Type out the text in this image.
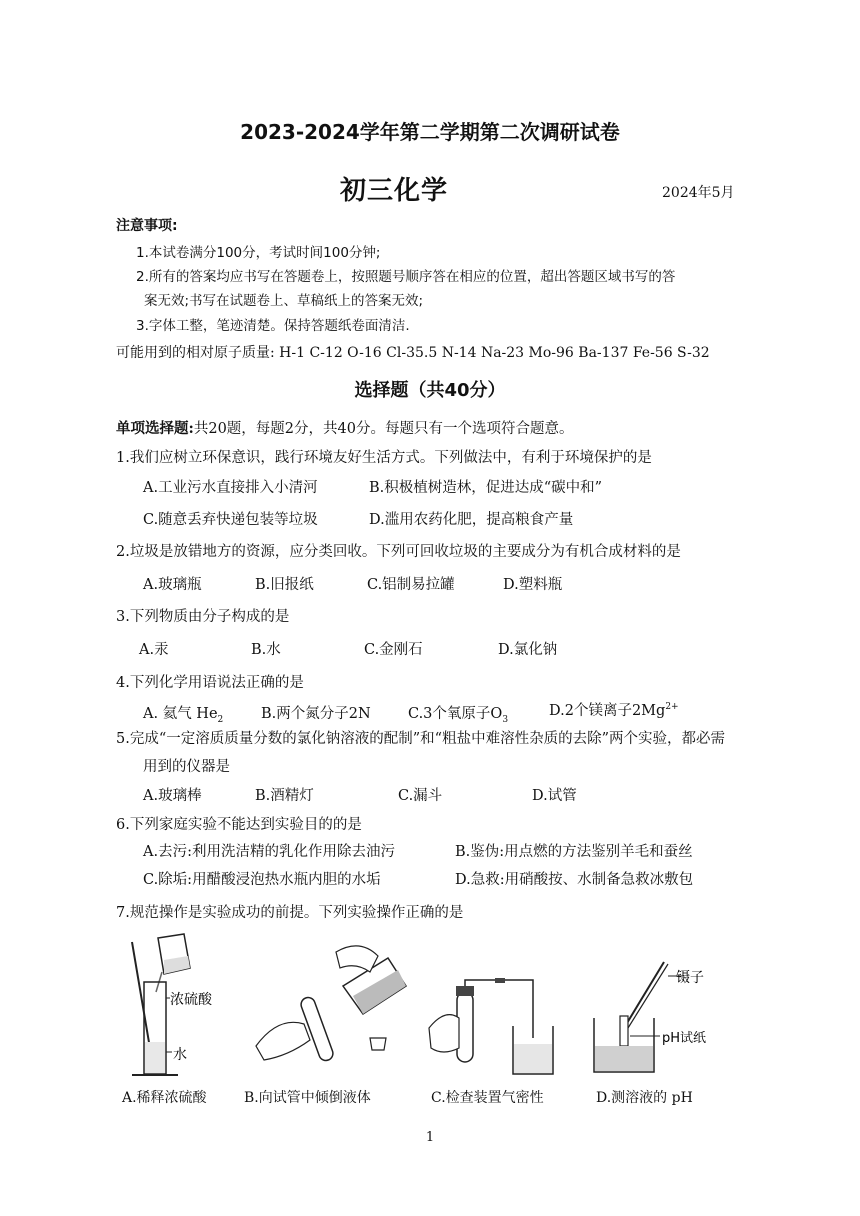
2023-2024学年第二学期第二次调研试卷
初三化学	2024年5月
注意事项:
1.本试卷满分100分，考试时间100分钟;
2.所有的答案均应书写在答题卷上，按照题号顺序答在相应的位置，超出答题区域书写的答
案无效;书写在试题卷上、草稿纸上的答案无效;
3.字体工整，笔迹清楚。保持答题纸卷面清洁.
可能用到的相对原子质量: H-1 C-12 O-16 Cl-35.5 N-14 Na-23 Mo-96 Ba-137 Fe-56 S-32
选择题（共40分）
单项选择题:共20题，每题2分，共40分。每题只有一个选项符合题意。
1.我们应树立环保意识，践行环境友好生活方式。下列做法中，有利于环境保护的是
A.工业污水直接排入小清河	B.积极植树造林，促进达成“碳中和”
C.随意丢弃快递包装等垃圾	D.滥用农药化肥，提高粮食产量
2.垃圾是放错地方的资源，应分类回收。下列可回收垃圾的主要成分为有机合成材料的是
A.玻璃瓶	B.旧报纸	C.铝制易拉罐	D.塑料瓶
3.下列物质由分子构成的是
A.汞	B.水	C.金刚石	D.氯化钠
4.下列化学用语说法正确的是
A. 氦气 $He_2$	B.两个氮分子2N	C.3个氧原子$O_3$
D.2个镁离子$2Mg^{2+}$
5.完成“一定溶质质量分数的氯化钠溶液的配制”和“粗盐中难溶性杂质的去除”两个实验，都必需
用到的仪器是
A.玻璃棒	B.酒精灯	C.漏斗	D.试管
6.下列家庭实验不能达到实验目的的是
A.去污:利用洗洁精的乳化作用除去油污	B.鉴伪:用点燃的方法鉴别羊毛和蚕丝
C.除垢:用醋酸浸泡热水瓶内胆的水垢	D.急救:用硝酸按、水制备急救冰敷包
7.规范操作是实验成功的前提。下列实验操作正确的是
浓硫酸
水
镊子
pH试纸
A.稀释浓硫酸	B.向试管中倾倒液体	C.检查装置气密性	D.测溶液的 pH
1
